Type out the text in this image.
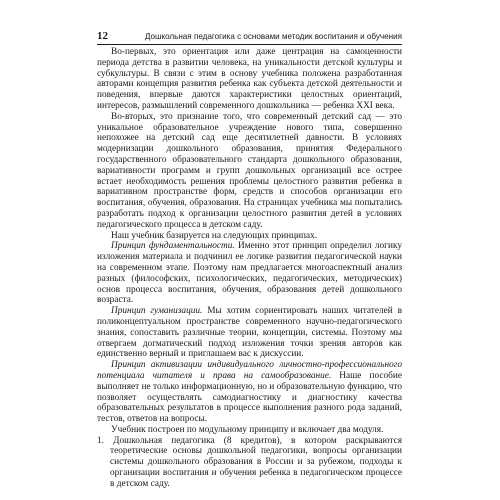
12	Дошкольная педагогика с основами методик воспитания и обучения

Во-первых, это ориентация или даже центрация на самоценности периода детства в развитии человека, на уникальности детской культуры и субкультуры. В связи с этим в основу учебника положена разработанная авторами концепция развития ребенка как субъекта детской деятельности и поведения, впервые даются характеристики целостных ориентаций, интересов, размышлений современного дошкольника — ребенка XXI века.

Во-вторых, это признание того, что современный детский сад — это уникальное образовательное учреждение нового типа, совершенно непохожее на детский сад еще десятилетней давности. В условиях модернизации дошкольного образования, принятия Федерального государственного образовательного стандарта дошкольного образования, вариативности программ и групп дошкольных организаций все острее встает необходимость решения проблемы целостного развития ребенка в вариативном пространстве форм, средств и способов организации его воспитания, обучения, образования. На страницах учебника мы попытались разработать подход к организации целостного развития детей в условиях педагогического процесса в детском саду.

Наш учебник базируется на следующих принципах.

Принцип фундаментальности. Именно этот принцип определил логику изложения материала и подчинил ее логике развития педагогической науки на современном этапе. Поэтому нам предлагается многоаспектный анализ разных (философских, психологических, педагогических, методических) основ процесса воспитания, обучения, образования детей дошкольного возраста.

Принцип гуманизации. Мы хотим сориентировать наших читателей в поликонцептуальном пространстве современного научно-педагогического знания, сопоставить различные теории, концепции, системы. Поэтому мы отвергаем догматический подход изложения точки зрения авторов как единственно верный и приглашаем вас к дискуссии.

Принцип активизации индивидуального личностно-профессионального потенциала читателя и права на самообразование. Наше пособие выполняет не только информационную, но и образовательную функцию, что позволяет осуществлять самодиагностику и диагностику качества образовательных результатов в процессе выполнения разного рода заданий, тестов, ответов на вопросы.

Учебник построен по модульному принципу и включает два модуля.

1. Дошкольная педагогика (8 кредитов), в котором раскрываются теоретические основы дошкольной педагогики, вопросы организации системы дошкольного образования в России и за рубежом, подходы к организации воспитания и обучения ребенка в педагогическом процессе в детском саду.
